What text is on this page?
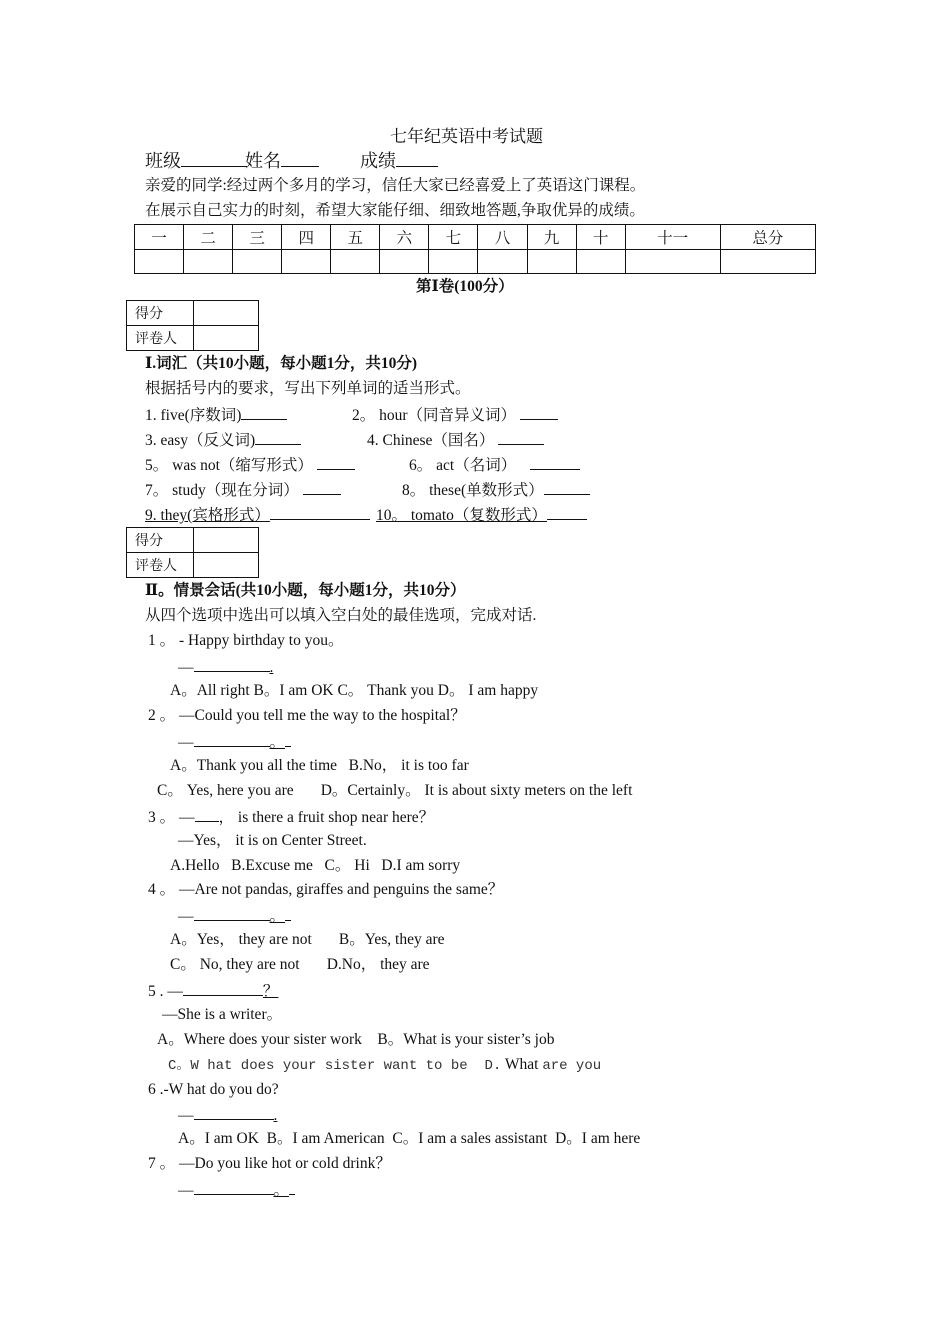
七年纪英语中考试题
班级	姓名	成绩
亲爱的同学:经过两个多月的学习，信任大家已经喜爱上了英语这门课程。
在展示自己实力的时刻，希望大家能仔细、细致地答题,争取优异的成绩。
一	二	三	四	五	六	七	八	九	十	十一	总分

第Ⅰ卷(100分）
得分	
评卷人	
Ⅰ.词汇（共10小题，每小题1分，共10分)
根据括号内的要求，写出下列单词的适当形式。
1. five(序数词)	2。 hour（同音异义词）
3. easy（反义词)	4. Chinese（国名）
5。 was not（缩写形式）	6。 act（名词）
7。 study（现在分词）	8。 these(单数形式）
9. they(宾格形式）	10。 tomato（复数形式）
得分	
评卷人	
Ⅱ。情景会话(共10小题，每小题1分，共10分）
从四个选项中选出可以填入空白处的最佳选项，完成对话.
1 。 - Happy birthday to you。
—	.
A。All right B。I am OK C。 Thank you D。 I am happy
2 。 —Could you tell me the way to the hospital？
—	。
A。Thank you all the time   B.No， it is too far
C。 Yes, here you are       D。Certainly。 It is about sixty meters on the left
3 。 — ， is there a fruit shop near here？
—Yes， it is on Center Street.
A.Hello   B.Excuse me   C。 Hi   D.I am sorry
4 。 —Are not pandas, giraffes and penguins the same？
—	。
A。Yes， they are not       B。Yes, they are
C。 No, they are not       D.No， they are
5 . —	？
—She is a writer。
A。Where does your sister work    B。What is your sister’s job
C。W hat does your sister want to be  D. What are you
6 .-W hat do you do?
—	.
A。I am OK  B。I am American  C。I am a sales assistant  D。I am here
7 。 —Do you like hot or cold drink？
—	。
